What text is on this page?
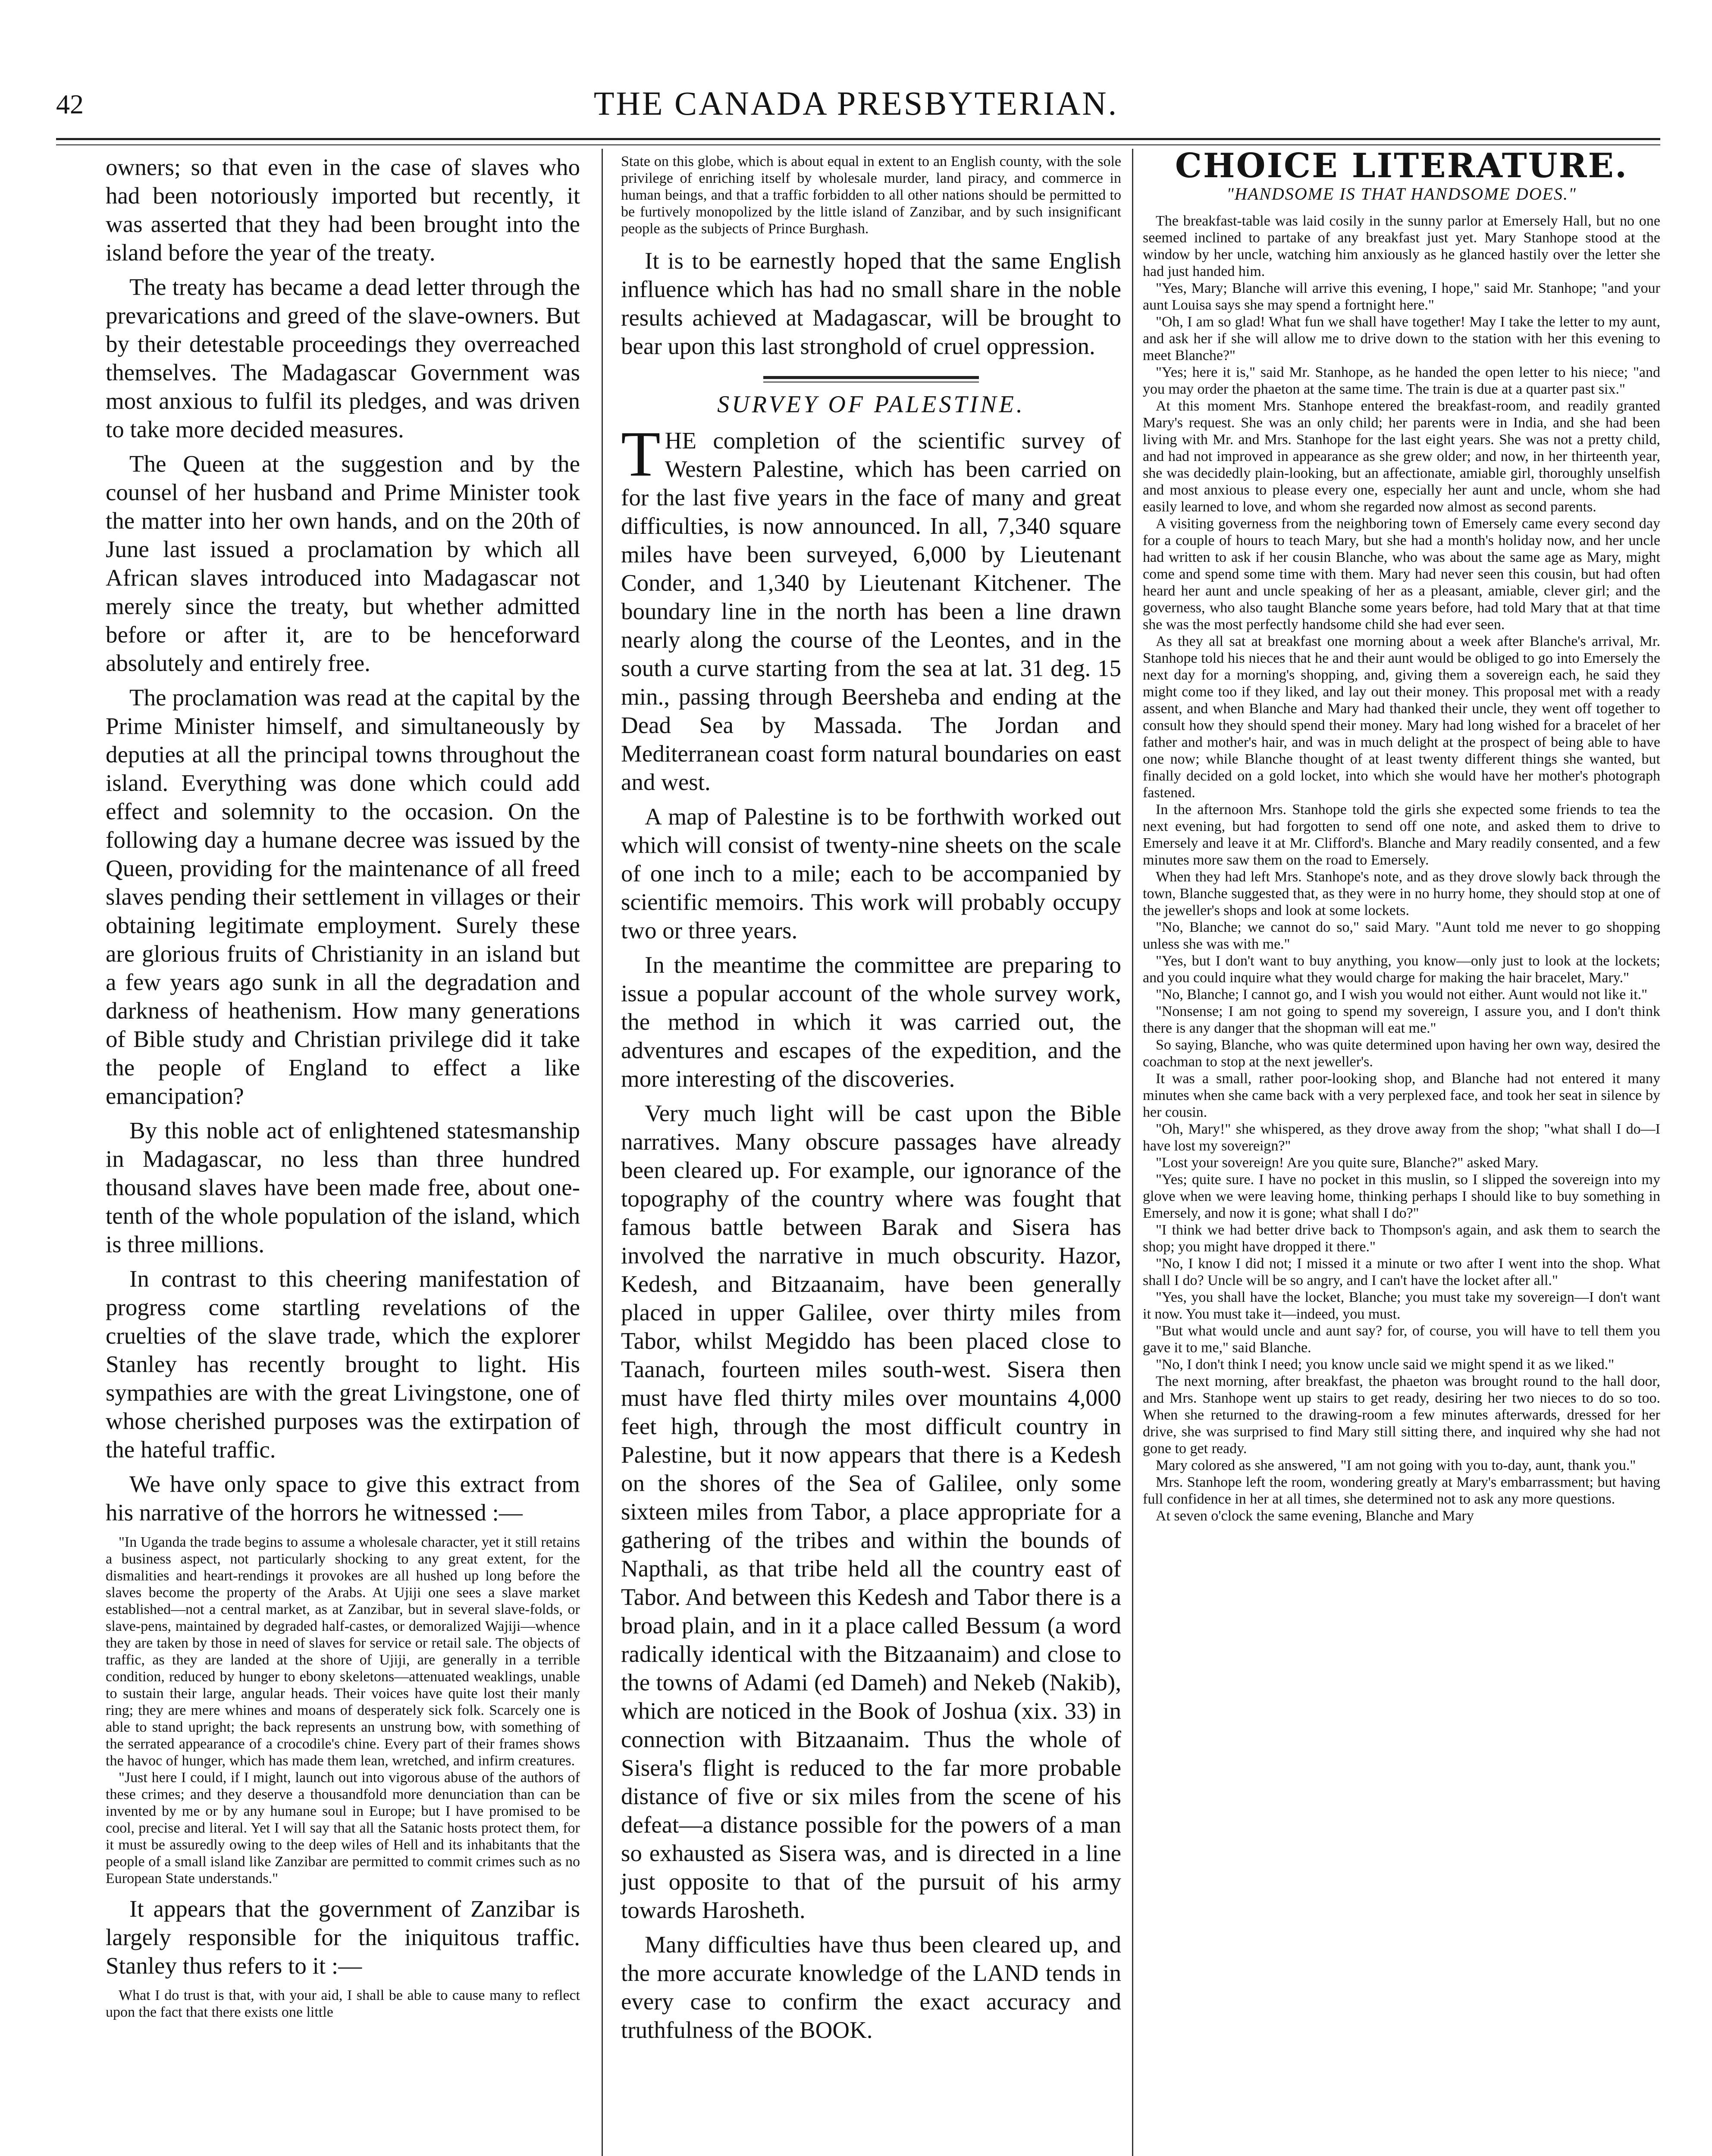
42	THE CANADA PRESBYTERIAN.

owners; so that even in the case of slaves who had been notoriously imported but recently, it was asserted that they had been brought into the island before the year of the treaty.

The treaty has became a dead letter through the prevarications and greed of the slave-owners. But by their detestable proceedings they overreached themselves. The Madagascar Government was most anxious to fulfil its pledges, and was driven to take more decided measures.

The Queen at the suggestion and by the counsel of her husband and Prime Minister took the matter into her own hands, and on the 20th of June last issued a proclamation by which all African slaves introduced into Madagascar not merely since the treaty, but whether admitted before or after it, are to be henceforward absolutely and entirely free.

The proclamation was read at the capital by the Prime Minister himself, and simultaneously by deputies at all the principal towns throughout the island. Everything was done which could add effect and solemnity to the occasion. On the following day a humane decree was issued by the Queen, providing for the maintenance of all freed slaves pending their settlement in villages or their obtaining legitimate employment. Surely these are glorious fruits of Christianity in an island but a few years ago sunk in all the degradation and darkness of heathenism. How many generations of Bible study and Christian privilege did it take the people of England to effect a like emancipation?

By this noble act of enlightened statesmanship in Madagascar, no less than three hundred thousand slaves have been made free, about one-tenth of the whole population of the island, which is three millions.

In contrast to this cheering manifestation of progress come startling revelations of the cruelties of the slave trade, which the explorer Stanley has recently brought to light. His sympathies are with the great Livingstone, one of whose cherished purposes was the extirpation of the hateful traffic.

We have only space to give this extract from his narrative of the horrors he witnessed :—

"In Uganda the trade begins to assume a wholesale character, yet it still retains a business aspect, not particularly shocking to any great extent, for the dismalities and heart-rendings it provokes are all hushed up long before the slaves become the property of the Arabs. At Ujiji one sees a slave market established—not a central market, as at Zanzibar, but in several slave-folds, or slave-pens, maintained by degraded half-castes, or demoralized Wajiji—whence they are taken by those in need of slaves for service or retail sale. The objects of traffic, as they are landed at the shore of Ujiji, are generally in a terrible condition, reduced by hunger to ebony skeletons—attenuated weaklings, unable to sustain their large, angular heads. Their voices have quite lost their manly ring; they are mere whines and moans of desperately sick folk. Scarcely one is able to stand upright; the back represents an unstrung bow, with something of the serrated appearance of a crocodile's chine. Every part of their frames shows the havoc of hunger, which has made them lean, wretched, and infirm creatures.

"Just here I could, if I might, launch out into vigorous abuse of the authors of these crimes; and they deserve a thousandfold more denunciation than can be invented by me or by any humane soul in Europe; but I have promised to be cool, precise and literal. Yet I will say that all the Satanic hosts protect them, for it must be assuredly owing to the deep wiles of Hell and its inhabitants that the people of a small island like Zanzibar are permitted to commit crimes such as no European State understands."

It appears that the government of Zanzibar is largely responsible for the iniquitous traffic. Stanley thus refers to it :—

What I do trust is that, with your aid, I shall be able to cause many to reflect upon the fact that there exists one little

State on this globe, which is about equal in extent to an English county, with the sole privilege of enriching itself by wholesale murder, land piracy, and commerce in human beings, and that a traffic forbidden to all other nations should be permitted to be furtively monopolized by the little island of Zanzibar, and by such insignificant people as the subjects of Prince Burghash.

It is to be earnestly hoped that the same English influence which has had no small share in the noble results achieved at Madagascar, will be brought to bear upon this last stronghold of cruel oppression.

SURVEY OF PALESTINE.

THE completion of the scientific survey of Western Palestine, which has been carried on for the last five years in the face of many and great difficulties, is now announced. In all, 7,340 square miles have been surveyed, 6,000 by Lieutenant Conder, and 1,340 by Lieutenant Kitchener. The boundary line in the north has been a line drawn nearly along the course of the Leontes, and in the south a curve starting from the sea at lat. 31 deg. 15 min., passing through Beersheba and ending at the Dead Sea by Massada. The Jordan and Mediterranean coast form natural boundaries on east and west.

A map of Palestine is to be forthwith worked out which will consist of twenty-nine sheets on the scale of one inch to a mile; each to be accompanied by scientific memoirs. This work will probably occupy two or three years.

In the meantime the committee are preparing to issue a popular account of the whole survey work, the method in which it was carried out, the adventures and escapes of the expedition, and the more interesting of the discoveries.

Very much light will be cast upon the Bible narratives. Many obscure passages have already been cleared up. For example, our ignorance of the topography of the country where was fought that famous battle between Barak and Sisera has involved the narrative in much obscurity. Hazor, Kedesh, and Bitzaanaim, have been generally placed in upper Galilee, over thirty miles from Tabor, whilst Megiddo has been placed close to Taanach, fourteen miles south-west. Sisera then must have fled thirty miles over mountains 4,000 feet high, through the most difficult country in Palestine, but it now appears that there is a Kedesh on the shores of the Sea of Galilee, only some sixteen miles from Tabor, a place appropriate for a gathering of the tribes and within the bounds of Napthali, as that tribe held all the country east of Tabor. And between this Kedesh and Tabor there is a broad plain, and in it a place called Bessum (a word radically identical with the Bitzaanaim) and close to the towns of Adami (ed Dameh) and Nekeb (Nakib), which are noticed in the Book of Joshua (xix. 33) in connection with Bitzaanaim. Thus the whole of Sisera's flight is reduced to the far more probable distance of five or six miles from the scene of his defeat—a distance possible for the powers of a man so exhausted as Sisera was, and is directed in a line just opposite to that of the pursuit of his army towards Harosheth.

Many difficulties have thus been cleared up, and the more accurate knowledge of the LAND tends in every case to confirm the exact accuracy and truthfulness of the BOOK.

CHOICE LITERATURE.
"HANDSOME IS THAT HANDSOME DOES."

The breakfast-table was laid cosily in the sunny parlor at Emersely Hall, but no one seemed inclined to partake of any breakfast just yet. Mary Stanhope stood at the window by her uncle, watching him anxiously as he glanced hastily over the letter she had just handed him.

"Yes, Mary; Blanche will arrive this evening, I hope," said Mr. Stanhope; "and your aunt Louisa says she may spend a fortnight here."

"Oh, I am so glad! What fun we shall have together! May I take the letter to my aunt, and ask her if she will allow me to drive down to the station with her this evening to meet Blanche?"

"Yes; here it is," said Mr. Stanhope, as he handed the open letter to his niece; "and you may order the phaeton at the same time. The train is due at a quarter past six."

At this moment Mrs. Stanhope entered the breakfast-room, and readily granted Mary's request. She was an only child; her parents were in India, and she had been living with Mr. and Mrs. Stanhope for the last eight years. She was not a pretty child, and had not improved in appearance as she grew older; and now, in her thirteenth year, she was decidedly plain-looking, but an affectionate, amiable girl, thoroughly unselfish and most anxious to please every one, especially her aunt and uncle, whom she had easily learned to love, and whom she regarded now almost as second parents.

A visiting governess from the neighboring town of Emersely came every second day for a couple of hours to teach Mary, but she had a month's holiday now, and her uncle had written to ask if her cousin Blanche, who was about the same age as Mary, might come and spend some time with them. Mary had never seen this cousin, but had often heard her aunt and uncle speaking of her as a pleasant, amiable, clever girl; and the governess, who also taught Blanche some years before, had told Mary that at that time she was the most perfectly handsome child she had ever seen.

As they all sat at breakfast one morning about a week after Blanche's arrival, Mr. Stanhope told his nieces that he and their aunt would be obliged to go into Emersely the next day for a morning's shopping, and, giving them a sovereign each, he said they might come too if they liked, and lay out their money. This proposal met with a ready assent, and when Blanche and Mary had thanked their uncle, they went off together to consult how they should spend their money. Mary had long wished for a bracelet of her father and mother's hair, and was in much delight at the prospect of being able to have one now; while Blanche thought of at least twenty different things she wanted, but finally decided on a gold locket, into which she would have her mother's photograph fastened.

In the afternoon Mrs. Stanhope told the girls she expected some friends to tea the next evening, but had forgotten to send off one note, and asked them to drive to Emersely and leave it at Mr. Clifford's. Blanche and Mary readily consented, and a few minutes more saw them on the road to Emersely.

When they had left Mrs. Stanhope's note, and as they drove slowly back through the town, Blanche suggested that, as they were in no hurry home, they should stop at one of the jeweller's shops and look at some lockets.

"No, Blanche; we cannot do so," said Mary. "Aunt told me never to go shopping unless she was with me."

"Yes, but I don't want to buy anything, you know—only just to look at the lockets; and you could inquire what they would charge for making the hair bracelet, Mary."

"No, Blanche; I cannot go, and I wish you would not either. Aunt would not like it."

"Nonsense; I am not going to spend my sovereign, I assure you, and I don't think there is any danger that the shopman will eat me."

So saying, Blanche, who was quite determined upon having her own way, desired the coachman to stop at the next jeweller's.

It was a small, rather poor-looking shop, and Blanche had not entered it many minutes when she came back with a very perplexed face, and took her seat in silence by her cousin.

"Oh, Mary!" she whispered, as they drove away from the shop; "what shall I do—I have lost my sovereign?"

"Lost your sovereign! Are you quite sure, Blanche?" asked Mary.

"Yes; quite sure. I have no pocket in this muslin, so I slipped the sovereign into my glove when we were leaving home, thinking perhaps I should like to buy something in Emersely, and now it is gone; what shall I do?"

"I think we had better drive back to Thompson's again, and ask them to search the shop; you might have dropped it there."

"No, I know I did not; I missed it a minute or two after I went into the shop. What shall I do? Uncle will be so angry, and I can't have the locket after all."

"Yes, you shall have the locket, Blanche; you must take my sovereign—I don't want it now. You must take it—indeed, you must.

"But what would uncle and aunt say? for, of course, you will have to tell them you gave it to me," said Blanche.

"No, I don't think I need; you know uncle said we might spend it as we liked."

The next morning, after breakfast, the phaeton was brought round to the hall door, and Mrs. Stanhope went up stairs to get ready, desiring her two nieces to do so too. When she returned to the drawing-room a few minutes afterwards, dressed for her drive, she was surprised to find Mary still sitting there, and inquired why she had not gone to get ready.

Mary colored as she answered, "I am not going with you to-day, aunt, thank you."

Mrs. Stanhope left the room, wondering greatly at Mary's embarrassment; but having full confidence in her at all times, she determined not to ask any more questions.

At seven o'clock the same evening, Blanche and Mary
